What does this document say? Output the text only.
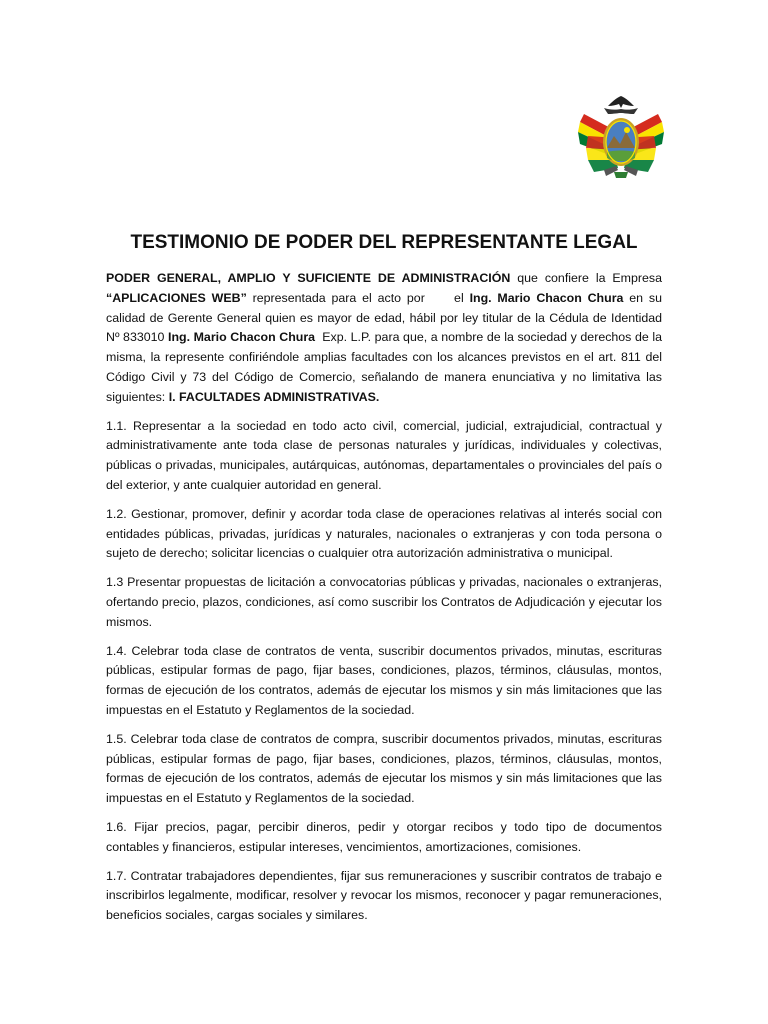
TESTIMONIO DE PODER DEL REPRESENTANTE LEGAL

PODER GENERAL, AMPLIO Y SUFICIENTE DE ADMINISTRACIÓN que confiere la Empresa “APLICACIONES WEB” representada para el acto por     el Ing. Mario Chacon Chura en su calidad de Gerente General quien es mayor de edad, hábil por ley titular de la Cédula de Identidad Nº 833010 Ing. Mario Chacon Chura  Exp. L.P. para que, a nombre de la sociedad y derechos de la misma, la represente confiriéndole amplias facultades con los alcances previstos en el art. 811 del Código Civil y 73 del Código de Comercio, señalando de manera enunciativa y no limitativa las siguientes: I. FACULTADES ADMINISTRATIVAS.

1.1. Representar a la sociedad en todo acto civil, comercial, judicial, extrajudicial, contractual y administrativamente ante toda clase de personas naturales y jurídicas, individuales y colectivas, públicas o privadas, municipales, autárquicas, autónomas, departamentales o provinciales del país o del exterior, y ante cualquier autoridad en general.

1.2. Gestionar, promover, definir y acordar toda clase de operaciones relativas al interés social con entidades públicas, privadas, jurídicas y naturales, nacionales o extranjeras y con toda persona o sujeto de derecho; solicitar licencias o cualquier otra autorización administrativa o municipal.

1.3 Presentar propuestas de licitación a convocatorias públicas y privadas, nacionales o extranjeras, ofertando precio, plazos, condiciones, así como suscribir los Contratos de Adjudicación y ejecutar los mismos.

1.4. Celebrar toda clase de contratos de venta, suscribir documentos privados, minutas, escrituras públicas, estipular formas de pago, fijar bases, condiciones, plazos, términos, cláusulas, montos, formas de ejecución de los contratos, además de ejecutar los mismos y sin más limitaciones que las impuestas en el Estatuto y Reglamentos de la sociedad.

1.5. Celebrar toda clase de contratos de compra, suscribir documentos privados, minutas, escrituras públicas, estipular formas de pago, fijar bases, condiciones, plazos, términos, cláusulas, montos, formas de ejecución de los contratos, además de ejecutar los mismos y sin más limitaciones que las impuestas en el Estatuto y Reglamentos de la sociedad.

1.6. Fijar precios, pagar, percibir dineros, pedir y otorgar recibos y todo tipo de documentos contables y financieros, estipular intereses, vencimientos, amortizaciones, comisiones.

1.7. Contratar trabajadores dependientes, fijar sus remuneraciones y suscribir contratos de trabajo e inscribirlos legalmente, modificar, resolver y revocar los mismos, reconocer y pagar remuneraciones, beneficios sociales, cargas sociales y similares.
